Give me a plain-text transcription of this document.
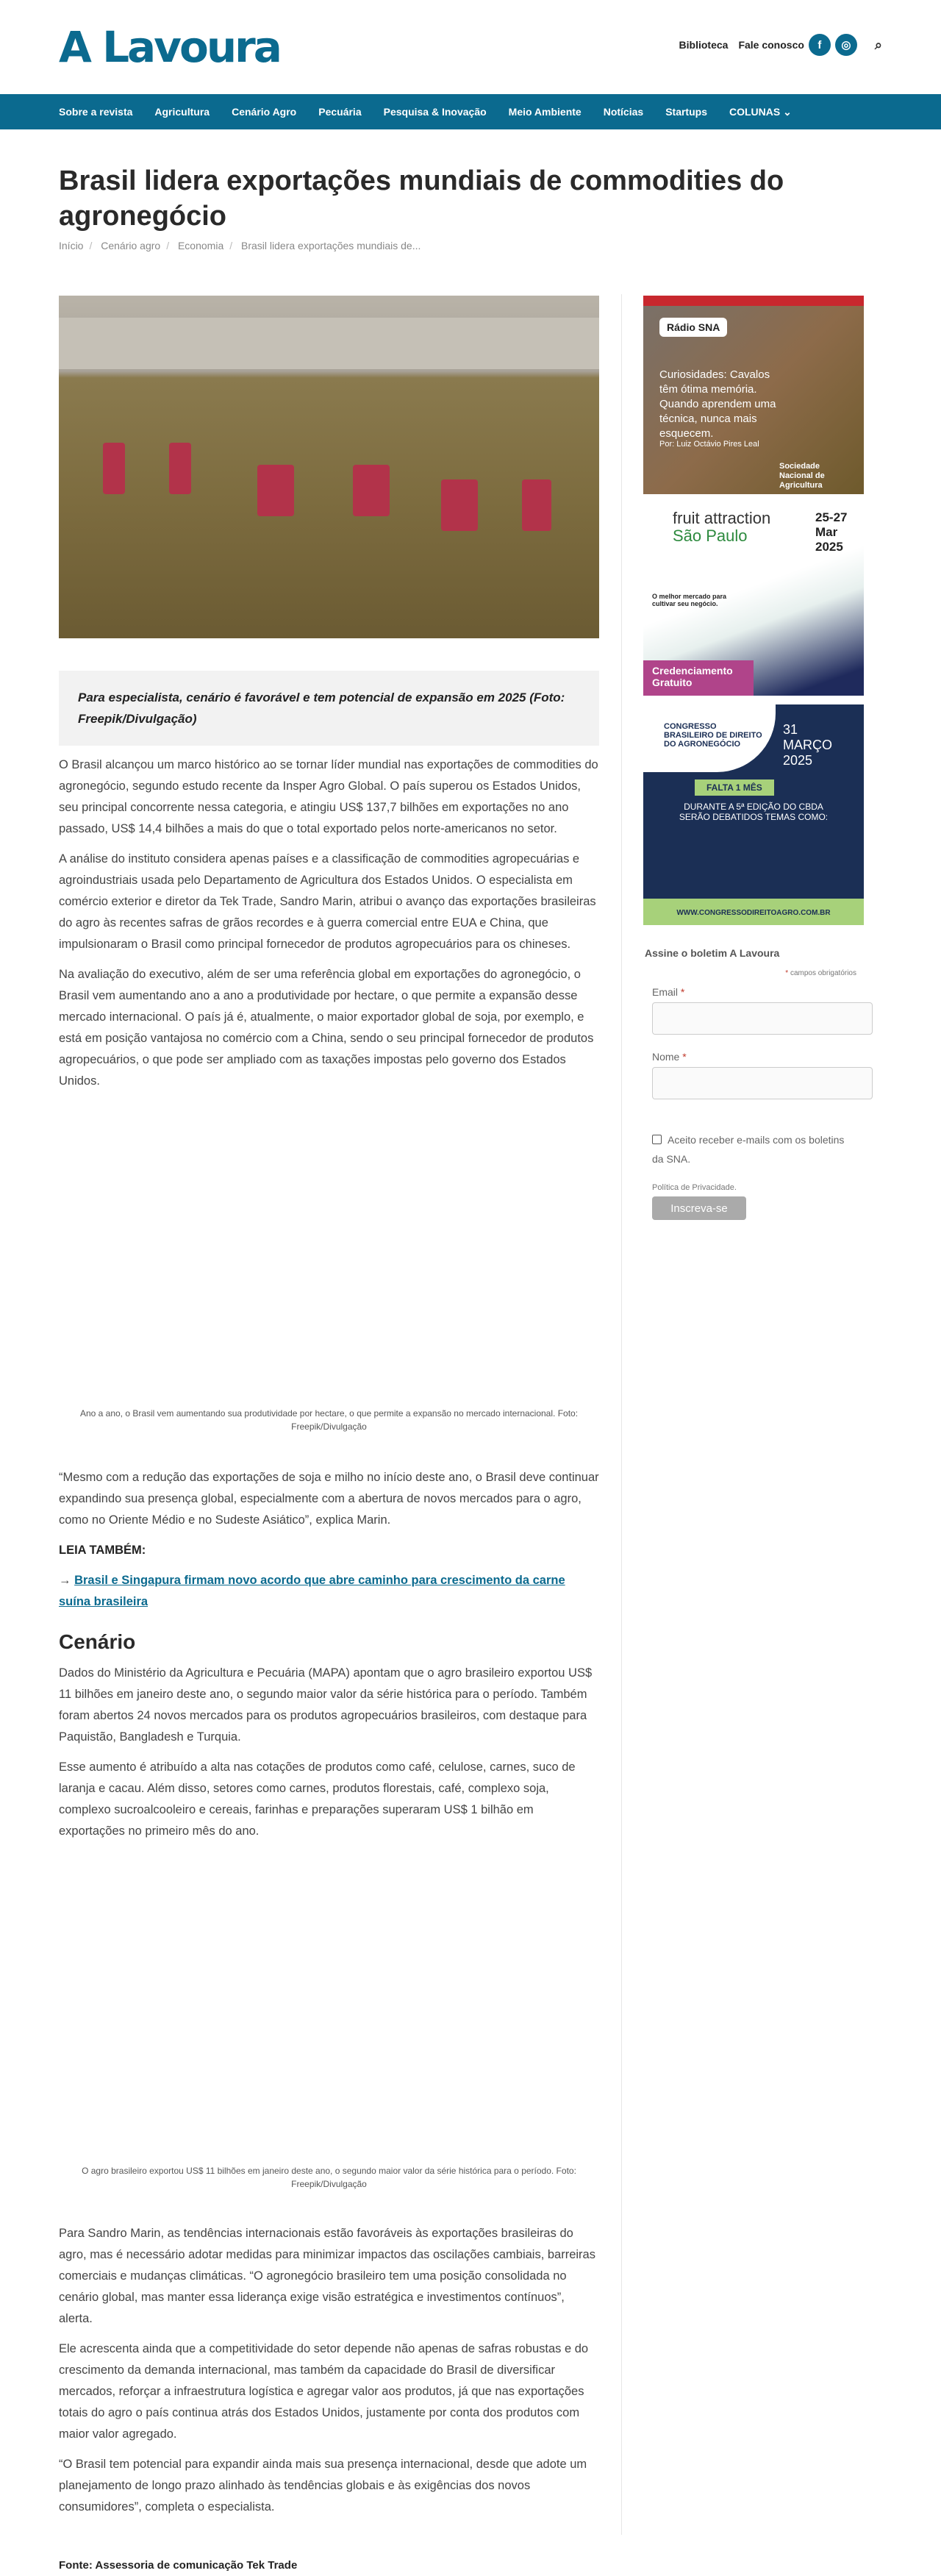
A Lavoura	Biblioteca Fale conosco	f	◎	⌕
Sobre a revista Agricultura Cenário Agro Pecuária Pesquisa & Inovação Meio Ambiente Notícias Startups COLUNAS ⌄
Brasil lidera exportações mundiais de commodities do agronegócio
Início / Cenário agro / Economia / Brasil lidera exportações mundiais de...
Para especialista, cenário é favorável e tem potencial de expansão em 2025 (Foto: Freepik/Divulgação)

O Brasil alcançou um marco histórico ao se tornar líder mundial nas exportações de commodities do agronegócio, segundo estudo recente da Insper Agro Global. O país superou os Estados Unidos, seu principal concorrente nessa categoria, e atingiu US$ 137,7 bilhões em exportações no ano passado, US$ 14,4 bilhões a mais do que o total exportado pelos norte-americanos no setor.

A análise do instituto considera apenas países e a classificação de commodities agropecuárias e agroindustriais usada pelo Departamento de Agricultura dos Estados Unidos. O especialista em comércio exterior e diretor da Tek Trade, Sandro Marin, atribui o avanço das exportações brasileiras do agro às recentes safras de grãos recordes e à guerra comercial entre EUA e China, que impulsionaram o Brasil como principal fornecedor de produtos agropecuários para os chineses.

Na avaliação do executivo, além de ser uma referência global em exportações do agronegócio, o Brasil vem aumentando ano a ano a produtividade por hectare, o que permite a expansão desse mercado internacional. O país já é, atualmente, o maior exportador global de soja, por exemplo, e está em posição vantajosa no comércio com a China, sendo o seu principal fornecedor de produtos agropecuários, o que pode ser ampliado com as taxações impostas pelo governo dos Estados Unidos.

Ano a ano, o Brasil vem aumentando sua produtividade por hectare, o que permite a expansão no mercado internacional. Foto: Freepik/Divulgação

“Mesmo com a redução das exportações de soja e milho no início deste ano, o Brasil deve continuar expandindo sua presença global, especialmente com a abertura de novos mercados para o agro, como no Oriente Médio e no Sudeste Asiático”, explica Marin.

LEIA TAMBÉM:

→ Brasil e Singapura firmam novo acordo que abre caminho para crescimento da carne suína brasileira

Cenário

Dados do Ministério da Agricultura e Pecuária (MAPA) apontam que o agro brasileiro exportou US$ 11 bilhões em janeiro deste ano, o segundo maior valor da série histórica para o período. Também foram abertos 24 novos mercados para os produtos agropecuários brasileiros, com destaque para Paquistão, Bangladesh e Turquia.

Esse aumento é atribuído a alta nas cotações de produtos como café, celulose, carnes, suco de laranja e cacau. Além disso, setores como carnes, produtos florestais, café, complexo soja, complexo sucroalcooleiro e cereais, farinhas e preparações superaram US$ 1 bilhão em exportações no primeiro mês do ano.

O agro brasileiro exportou US$ 11 bilhões em janeiro deste ano, o segundo maior valor da série histórica para o período. Foto: Freepik/Divulgação

Para Sandro Marin, as tendências internacionais estão favoráveis às exportações brasileiras do agro, mas é necessário adotar medidas para minimizar impactos das oscilações cambiais, barreiras comerciais e mudanças climáticas. “O agronegócio brasileiro tem uma posição consolidada no cenário global, mas manter essa liderança exige visão estratégica e investimentos contínuos”, alerta.

Ele acrescenta ainda que a competitividade do setor depende não apenas de safras robustas e do crescimento da demanda internacional, mas também da capacidade do Brasil de diversificar mercados, reforçar a infraestrutura logística e agregar valor aos produtos, já que nas exportações totais do agro o país continua atrás dos Estados Unidos, justamente por conta dos produtos com maior valor agregado.

“O Brasil tem potencial para expandir ainda mais sua presença internacional, desde que adote um planejamento de longo prazo alinhado às tendências globais e às exigências dos novos consumidores”, completa o especialista.

Fonte: Assessoria de comunicação Tek Trade

Rádio SNA
Curiosidades: Cavalos têm ótima memória. Quando aprendem uma técnica, nunca mais esquecem.
Por: Luiz Octávio Pires Leal
Sociedade Nacional de Agricultura
fruit attraction
São Paulo
25-27 Mar 2025
O melhor mercado para cultivar seu negócio.
Credenciamento Gratuito
CONGRESSO BRASILEIRO DE DIREITO DO AGRONEGÓCIO
31 MARÇO 2025
FALTA 1 MÊS
DURANTE A 5ª EDIÇÃO DO CBDA SERÃO DEBATIDOS TEMAS COMO:
WWW.CONGRESSODIREITOAGRO.COM.BR
Assine o boletim A Lavoura
* campos obrigatórios
Email *
Nome *
Aceito receber e-mails com os boletins da SNA.
Política de Privacidade.
Inscreva-se
